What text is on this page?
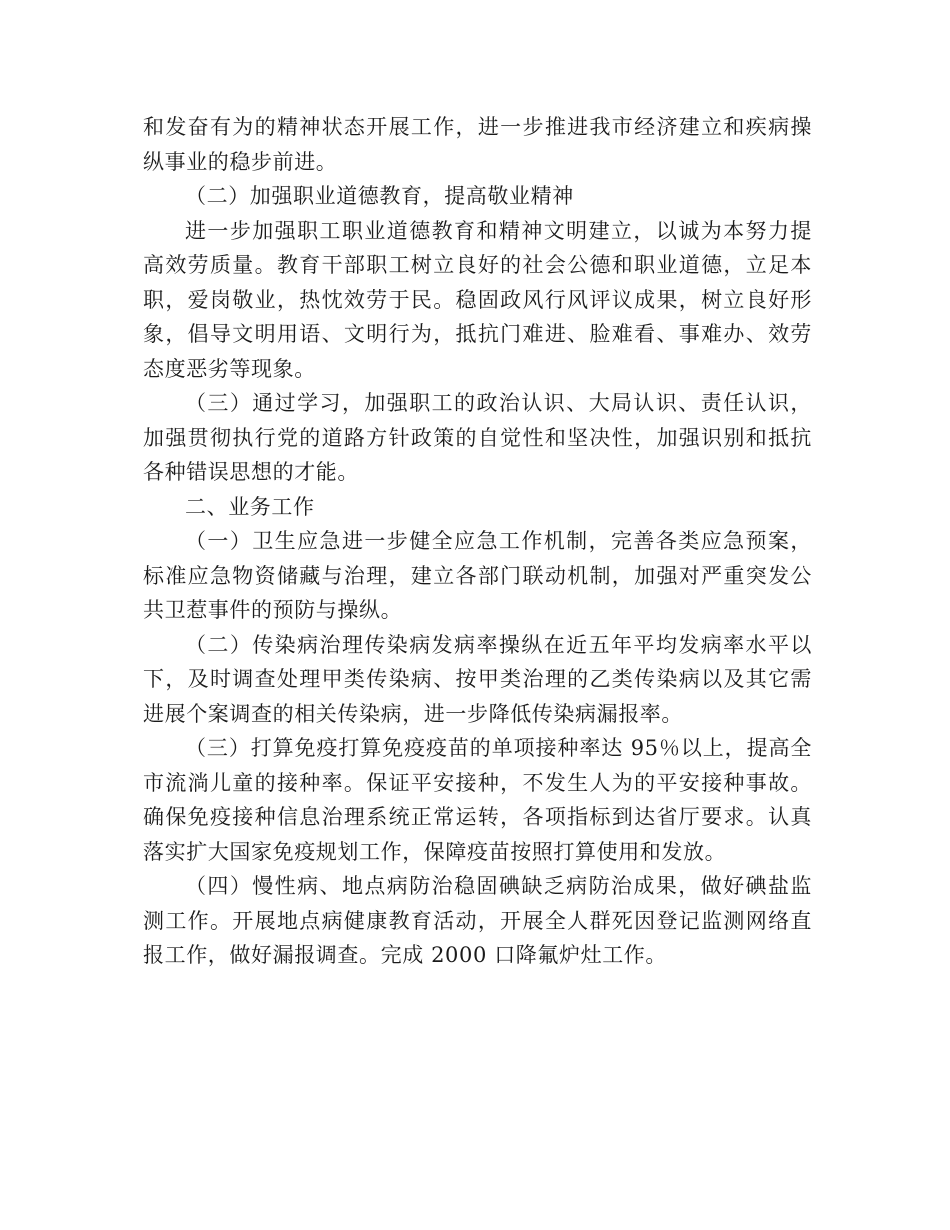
和发奋有为的精神状态开展工作，进一步推进我市经济建立和疾病操
纵事业的稳步前进。
（二）加强职业道德教育，提高敬业精神
进一步加强职工职业道德教育和精神文明建立，以诚为本努力提
高效劳质量。教育干部职工树立良好的社会公德和职业道德，立足本
职，爱岗敬业，热忱效劳于民。稳固政风行风评议成果，树立良好形
象，倡导文明用语、文明行为，抵抗门难进、脸难看、事难办、效劳
态度恶劣等现象。
（三）通过学习，加强职工的政治认识、大局认识、责任认识，
加强贯彻执行党的道路方针政策的自觉性和坚决性，加强识别和抵抗
各种错误思想的才能。
二、业务工作
（一）卫生应急进一步健全应急工作机制，完善各类应急预案，
标准应急物资储藏与治理，建立各部门联动机制，加强对严重突发公
共卫惹事件的预防与操纵。
（二）传染病治理传染病发病率操纵在近五年平均发病率水平以
下，及时调查处理甲类传染病、按甲类治理的乙类传染病以及其它需
进展个案调查的相关传染病，进一步降低传染病漏报率。
（三）打算免疫打算免疫疫苗的单项接种率达 95％以上，提高全
市流淌儿童的接种率。保证平安接种，不发生人为的平安接种事故。
确保免疫接种信息治理系统正常运转，各项指标到达省厅要求。认真
落实扩大国家免疫规划工作，保障疫苗按照打算使用和发放。
（四）慢性病、地点病防治稳固碘缺乏病防治成果，做好碘盐监
测工作。开展地点病健康教育活动，开展全人群死因登记监测网络直
报工作，做好漏报调查。完成 2000 口降氟炉灶工作。
